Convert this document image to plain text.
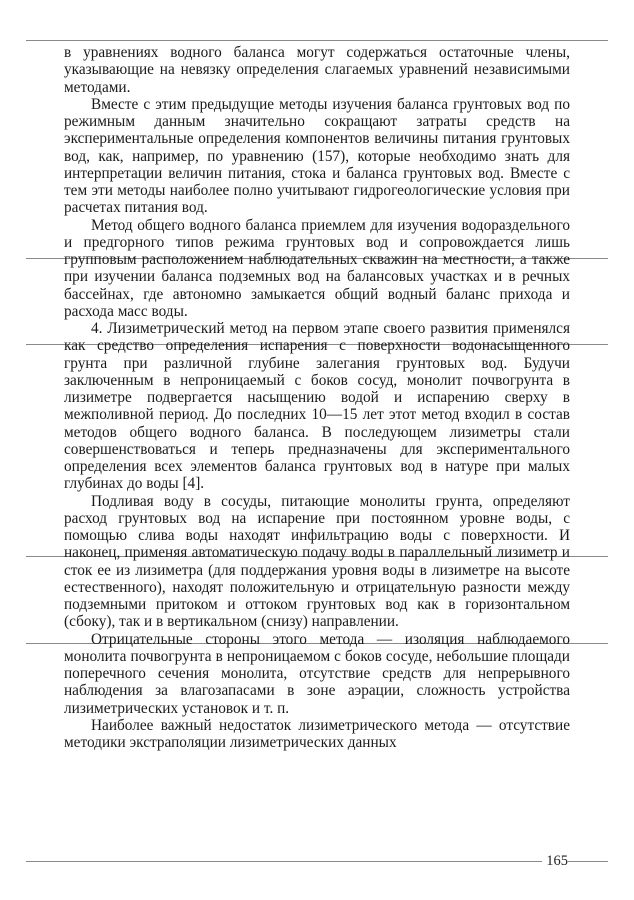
в уравнениях водного баланса могут содержаться остаточные члены, указывающие на невязку определения слагаемых уравнений независимыми методами.

Вместе с этим предыдущие методы изучения баланса грунтовых вод по режимным данным значительно сокращают затраты средств на экспериментальные определения компонентов величины питания грунтовых вод, как, например, по уравнению (157), которые необходимо знать для интерпретации величин питания, стока и баланса грунтовых вод. Вместе с тем эти методы наиболее полно учитывают гидрогеологические условия при расчетах питания вод.

Метод общего водного баланса приемлем для изучения водораздельного и предгорного типов режима грунтовых вод и сопровождается лишь групповым расположением наблюдательных скважин на местности, а также при изучении баланса подземных вод на балансовых участках и в речных бассейнах, где автономно замыкается общий водный баланс прихода и расхода масс воды.

4. Лизиметрический метод на первом этапе своего развития применялся как средство определения испарения с поверхности водонасыщенного грунта при различной глубине залегания грунтовых вод. Будучи заключенным в непроницаемый с боков сосуд, монолит почвогрунта в лизиметре подвергается насыщению водой и испарению сверху в межполивной период. До последних 10—15 лет этот метод входил в состав методов общего водного баланса. В последующем лизиметры стали совершенствоваться и теперь предназначены для экспериментального определения всех элементов баланса грунтовых вод в натуре при малых глубинах до воды [4].

Подливая воду в сосуды, питающие монолиты грунта, определяют расход грунтовых вод на испарение при постоянном уровне воды, с помощью слива воды находят инфильтрацию воды с поверхности. И наконец, применяя автоматическую подачу воды в параллельный лизиметр и сток ее из лизиметра (для поддержания уровня воды в лизиметре на высоте естественного), находят положительную и отрицательную разности между подземными притоком и оттоком грунтовых вод как в горизонтальном (сбоку), так и в вертикальном (снизу) направлении.

Отрицательные стороны этого метода — изоляция наблюдаемого монолита почвогрунта в непроницаемом с боков сосуде, небольшие площади поперечного сечения монолита, отсутствие средств для непрерывного наблюдения за влагозапасами в зоне аэрации, сложность устройства лизиметрических установок и т. п.

Наиболее важный недостаток лизиметрического метода — отсутствие методики экстраполяции лизиметрических данных

165
